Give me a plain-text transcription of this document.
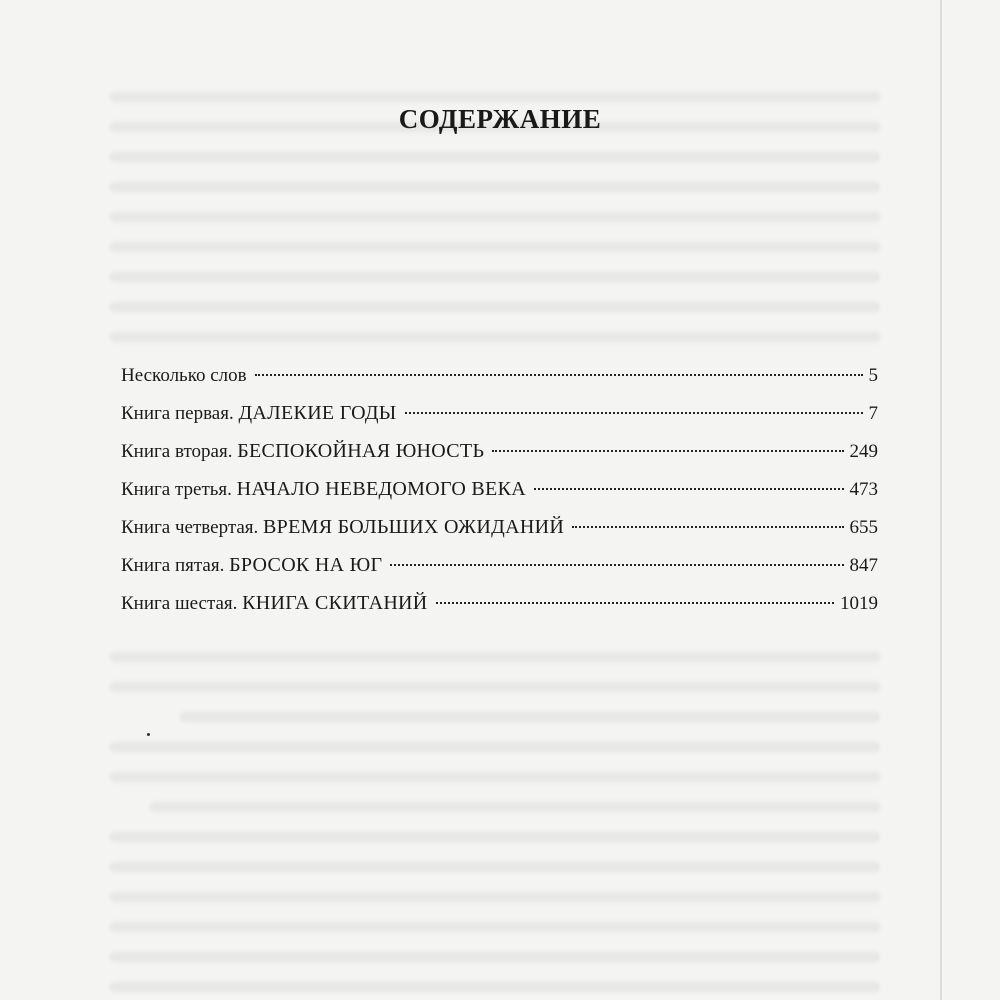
СОДЕРЖАНИЕ
Несколько слов	5
Книга первая. ДАЛЕКИЕ ГОДЫ	7
Книга вторая. БЕСПОКОЙНАЯ ЮНОСТЬ	249
Книга третья. НАЧАЛО НЕВЕДОМОГО ВЕКА	473
Книга четвертая. ВРЕМЯ БОЛЬШИХ ОЖИДАНИЙ	655
Книга пятая. БРОСОК НА ЮГ	847
Книга шестая. КНИГА СКИТАНИЙ	1019
